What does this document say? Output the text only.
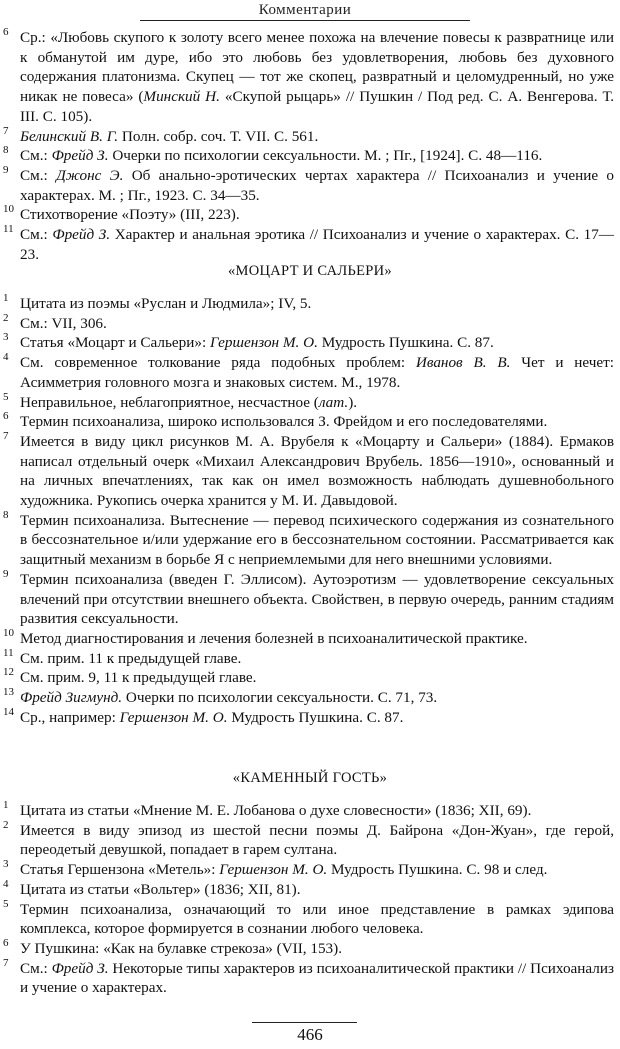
Комментарии

6 Ср.: «Любовь скупого к золоту всего менее похожа на влечение повесы к развратнице или к обманутой им дуре, ибо это любовь без удовлетворения, любовь без духовного содержания платонизма. Скупец — тот же скопец, развратный и целомудренный, но уже никак не повеса» (Минский Н. «Скупой рыцарь» // Пушкин / Под ред. С. А. Венгерова. Т. III. С. 105).

7 Белинский В. Г. Полн. собр. соч. Т. VII. С. 561.

8 См.: Фрейд З. Очерки по психологии сексуальности. М. ; Пг., [1924]. С. 48—116.

9 См.: Джонс Э. Об анально-эротических чертах характера // Психоанализ и учение о характерах. М. ; Пг., 1923. С. 34—35.

10 Стихотворение «Поэту» (III, 223).

11 См.: Фрейд З. Характер и анальная эротика // Психоанализ и учение о характерах. С. 17—23.

«МОЦАРТ И САЛЬЕРИ»

1 Цитата из поэмы «Руслан и Людмила»; IV, 5.

2 См.: VII, 306.

3 Статья «Моцарт и Сальери»: Гершензон М. О. Мудрость Пушкина. С. 87.

4 См. современное толкование ряда подобных проблем: Иванов В. В. Чет и нечет: Асимметрия головного мозга и знаковых систем. М., 1978.

5 Неправильное, неблагоприятное, несчастное (лат.).

6 Термин психоанализа, широко использовался З. Фрейдом и его последователями.

7 Имеется в виду цикл рисунков М. А. Врубеля к «Моцарту и Сальери» (1884). Ермаков написал отдельный очерк «Михаил Александрович Врубель. 1856—1910», основанный и на личных впечатлениях, так как он имел возможность наблюдать душевнобольного художника. Рукопись очерка хранится у М. И. Давыдовой.

8 Термин психоанализа. Вытеснение — перевод психического содержания из сознательного в бессознательное и/или удержание его в бессознательном состоянии. Рассматривается как защитный механизм в борьбе Я с неприемлемыми для него внешними условиями.

9 Термин психоанализа (введен Г. Эллисом). Аутоэротизм — удовлетворение сексуальных влечений при отсутствии внешнего объекта. Свойствен, в первую очередь, ранним стадиям развития сексуальности.

10 Метод диагностирования и лечения болезней в психоаналитической практике.

11 См. прим. 11 к предыдущей главе.

12 См. прим. 9, 11 к предыдущей главе.

13 Фрейд Зигмунд. Очерки по психологии сексуальности. С. 71, 73.

14 Ср., например: Гершензон М. О. Мудрость Пушкина. С. 87.

«КАМЕННЫЙ ГОСТЬ»

1 Цитата из статьи «Мнение М. Е. Лобанова о духе словесности» (1836; XII, 69).

2 Имеется в виду эпизод из шестой песни поэмы Д. Байрона «Дон-Жуан», где герой, переодетый девушкой, попадает в гарем султана.

3 Статья Гершензона «Метель»: Гершензон М. О. Мудрость Пушкина. С. 98 и след.

4 Цитата из статьи «Вольтер» (1836; XII, 81).

5 Термин психоанализа, означающий то или иное представление в рамках эдипова комплекса, которое формируется в сознании любого человека.

6 У Пушкина: «Как на булавке стрекоза» (VII, 153).

7 См.: Фрейд З. Некоторые типы характеров из психоаналитической практики // Психоанализ и учение о характерах.

466
